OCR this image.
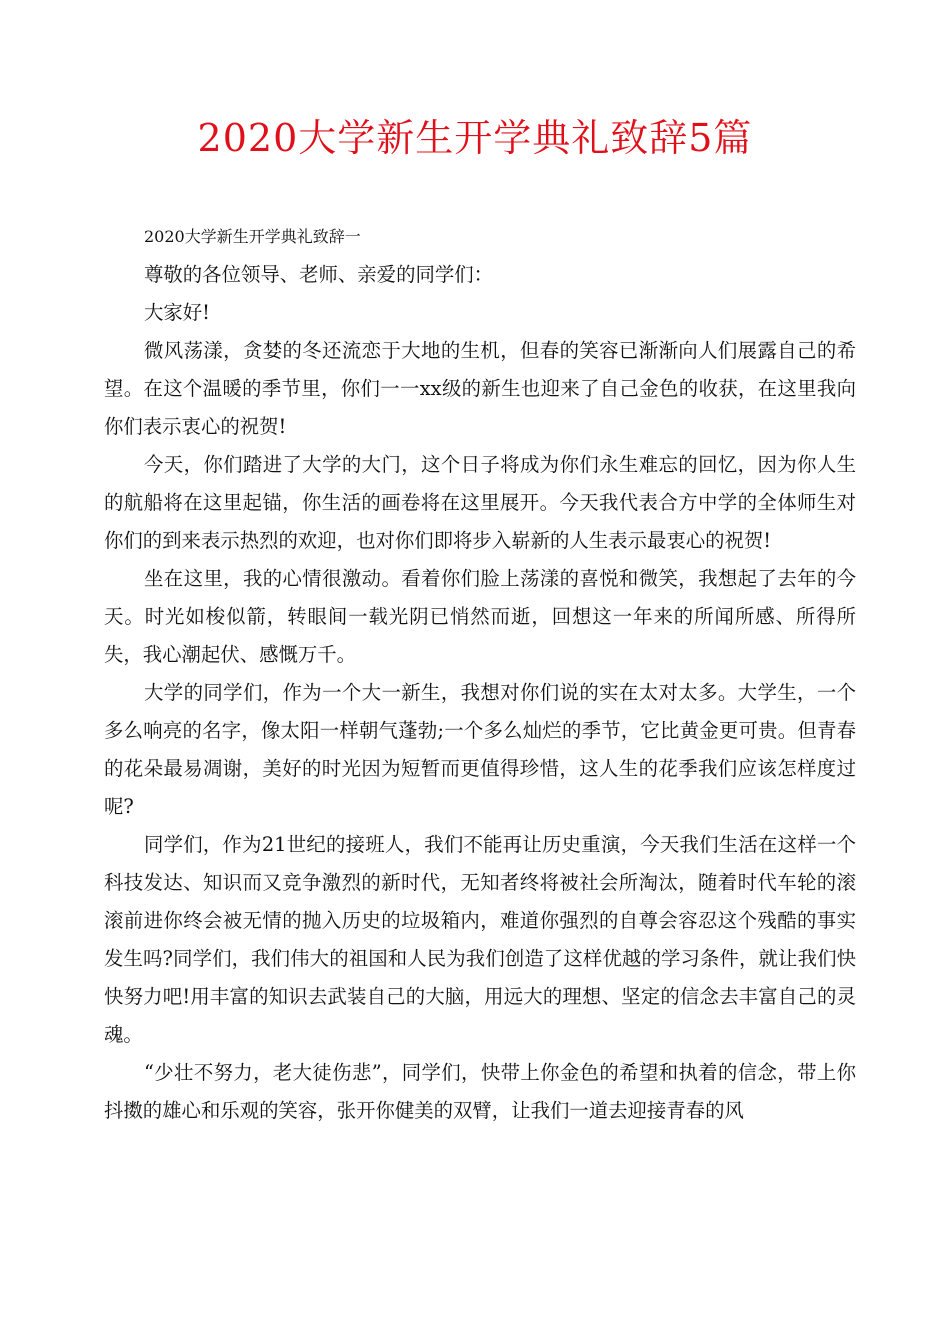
2020大学新生开学典礼致辞5篇

2020大学新生开学典礼致辞一

尊敬的各位领导、老师、亲爱的同学们：

大家好!

微风荡漾，贪婪的冬还流恋于大地的生机，但春的笑容已渐渐向人们展露自己的希望。在这个温暖的季节里，你们一一xx级的新生也迎来了自己金色的收获，在这里我向你们表示衷心的祝贺!

今天，你们踏进了大学的大门，这个日子将成为你们永生难忘的回忆，因为你人生的航船将在这里起锚，你生活的画卷将在这里展开。今天我代表合方中学的全体师生对你们的到来表示热烈的欢迎，也对你们即将步入崭新的人生表示最衷心的祝贺!

坐在这里，我的心情很激动。看着你们脸上荡漾的喜悦和微笑，我想起了去年的今天。时光如梭似箭，转眼间一载光阴已悄然而逝，回想这一年来的所闻所感、所得所失，我心潮起伏、感慨万千。

大学的同学们，作为一个大一新生，我想对你们说的实在太对太多。大学生，一个多么响亮的名字，像太阳一样朝气蓬勃;一个多么灿烂的季节，它比黄金更可贵。但青春的花朵最易凋谢，美好的时光因为短暂而更值得珍惜，这人生的花季我们应该怎样度过呢?

同学们，作为21世纪的接班人，我们不能再让历史重演，今天我们生活在这样一个科技发达、知识而又竞争激烈的新时代，无知者终将被社会所淘汰，随着时代车轮的滚滚前进你终会被无情的抛入历史的垃圾箱内，难道你强烈的自尊会容忍这个残酷的事实发生吗?同学们，我们伟大的祖国和人民为我们创造了这样优越的学习条件，就让我们快快努力吧!用丰富的知识去武装自己的大脑，用远大的理想、坚定的信念去丰富自己的灵魂。

“少壮不努力，老大徒伤悲”，同学们，快带上你金色的希望和执着的信念，带上你抖擞的雄心和乐观的笑容，张开你健美的双臂，让我们一道去迎接青春的风
